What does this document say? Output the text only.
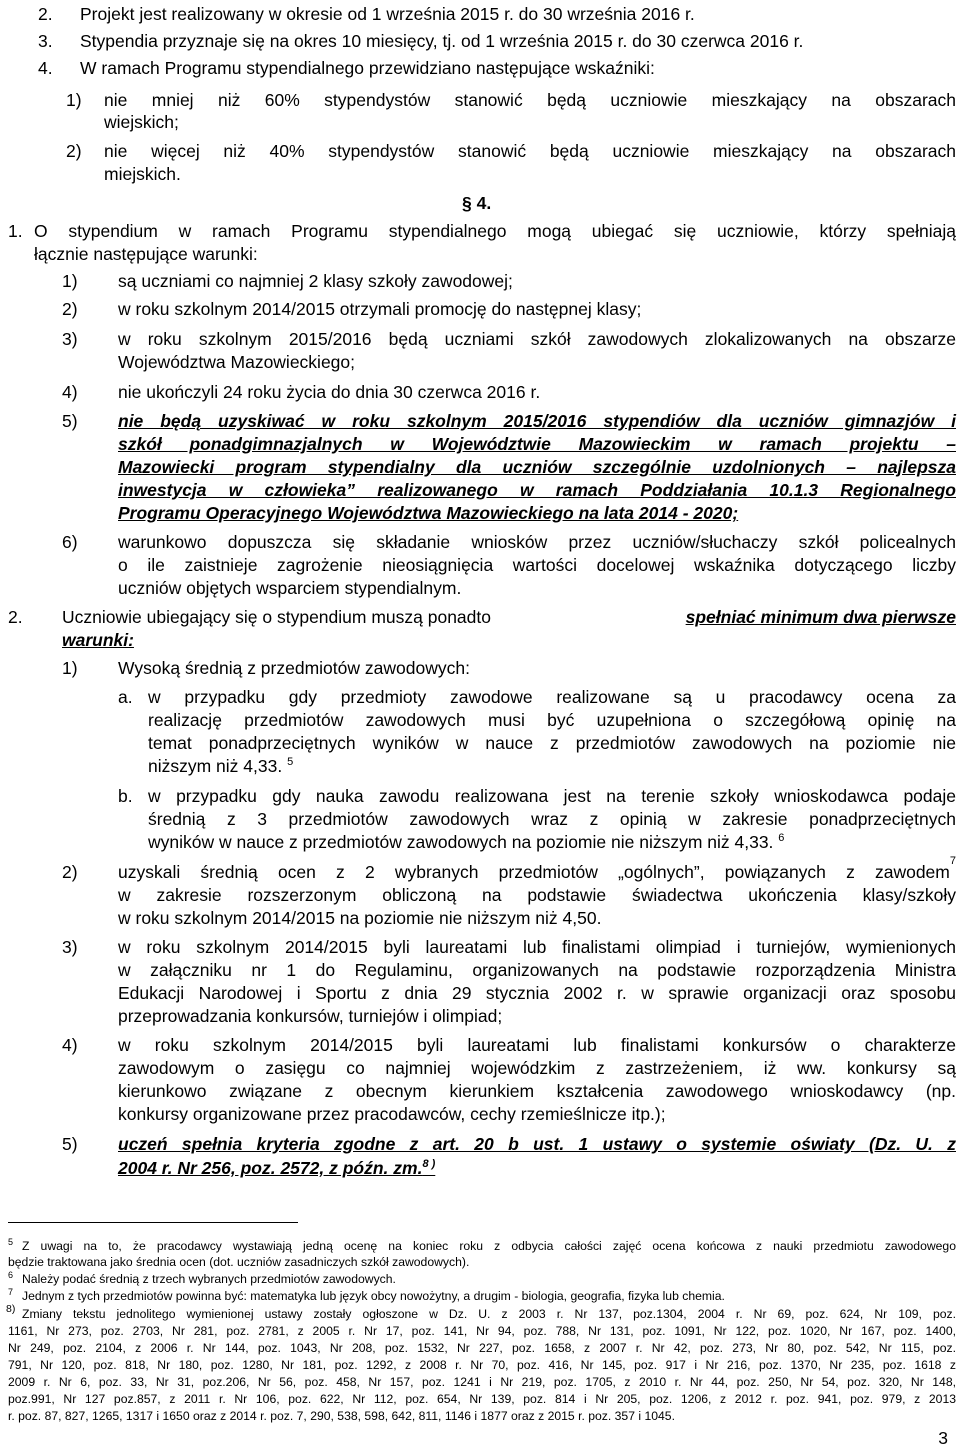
2. Projekt jest realizowany w okresie od 1 września 2015 r. do 30 września 2016 r.
3. Stypendia przyznaje się na okres 10 miesięcy, tj. od 1 września 2015 r. do 30 czerwca 2016 r.
4. W ramach Programu stypendialnego przewidziano następujące wskaźniki:
1) nie mniej niż 60% stypendystów stanowić będą uczniowie mieszkający na obszarach
wiejskich;
2) nie więcej niż 40% stypendystów stanowić będą uczniowie mieszkający na obszarach
miejskich.
§ 4.
1. O stypendium w ramach Programu stypendialnego mogą ubiegać się uczniowie, którzy spełniają
łącznie następujące warunki:
1) są uczniami co najmniej 2 klasy szkoły zawodowej;
2) w roku szkolnym 2014/2015 otrzymali promocję do następnej klasy;
3) w roku szkolnym 2015/2016 będą uczniami szkół zawodowych zlokalizowanych na obszarze
Województwa Mazowieckiego;
4) nie ukończyli 24 roku życia do dnia 30 czerwca 2016 r.
5) nie będą uzyskiwać w roku szkolnym 2015/2016 stypendiów dla uczniów gimnazjów i
szkół ponadgimnazjalnych w Województwie Mazowieckim w ramach projektu –
Mazowiecki program stypendialny dla uczniów szczególnie uzdolnionych – najlepsza
inwestycja w człowieka” realizowanego w ramach Poddziałania 10.1.3 Regionalnego
Programu Operacyjnego Województwa Mazowieckiego na lata 2014 - 2020;
6) warunkowo dopuszcza się składanie wniosków przez uczniów/słuchaczy szkół policealnych
o ile zaistnieje zagrożenie nieosiągnięcia wartości docelowej wskaźnika dotyczącego liczby
uczniów objętych wsparciem stypendialnym.
2. Uczniowie ubiegający się o stypendium muszą ponadto	spełniać minimum dwa pierwsze
warunki:
1) Wysoką średnią z przedmiotów zawodowych:
a. w przypadku gdy przedmioty zawodowe realizowane są u pracodawcy ocena za
realizację przedmiotów zawodowych musi być uzupełniona o szczegółową opinię na
temat ponadprzeciętnych wyników w nauce z przedmiotów zawodowych na poziomie nie
niższym niż 4,33. $^5$
b. w przypadku gdy nauka zawodu realizowana jest na terenie szkoły wnioskodawca podaje
średnią z 3 przedmiotów zawodowych wraz z opinią w zakresie ponadprzeciętnych
wyników w nauce z przedmiotów zawodowych na poziomie nie niższym niż 4,33. $^6$
2) uzyskali średnią ocen z 2 wybranych przedmiotów „ogólnych”, powiązanych z zawodem
7
w zakresie rozszerzonym obliczoną na podstawie świadectwa ukończenia klasy/szkoły
w roku szkolnym 2014/2015 na poziomie nie niższym niż 4,50.
3) w roku szkolnym 2014/2015 byli laureatami lub finalistami olimpiad i turniejów, wymienionych
w załączniku nr 1 do Regulaminu, organizowanych na podstawie rozporządzenia Ministra
Edukacji Narodowej i Sportu z dnia 29 stycznia 2002 r. w sprawie organizacji oraz sposobu
przeprowadzania konkursów, turniejów i olimpiad;
4) w roku szkolnym 2014/2015 byli laureatami lub finalistami konkursów o charakterze
zawodowym o zasięgu co najmniej wojewódzkim z zastrzeżeniem, iż ww. konkursy są
kierunkowo związane z obecnym kierunkiem kształcenia zawodowego wnioskodawcy (np.
konkursy organizowane przez pracodawców, cechy rzemieślnicze itp.);
5) uczeń spełnia kryteria zgodne z art. 20 b ust. 1 ustawy o systemie oświaty (Dz. U. z
2004 r. Nr 256, poz. 2572, z późn. zm.$^{8 )}$
5 Z uwagi na to, że pracodawcy wystawiają jedną ocenę na koniec roku z odbycia całości zajęć ocena końcowa z nauki przedmiotu zawodowego
będzie traktowana jako średnia ocen (dot. uczniów zasadniczych szkół zawodowych).
6 Należy podać średnią z trzech wybranych przedmiotów zawodowych.
7 Jednym z tych przedmiotów powinna być: matematyka lub język obcy nowożytny, a drugim - biologia, geografia, fizyka lub chemia.
8) Zmiany tekstu jednolitego wymienionej ustawy zostały ogłoszone w Dz. U. z 2003 r. Nr 137, poz.1304, 2004 r. Nr 69, poz. 624, Nr 109, poz.
1161, Nr 273, poz. 2703, Nr 281, poz. 2781, z 2005 r. Nr 17, poz. 141, Nr 94, poz. 788, Nr 131, poz. 1091, Nr 122, poz. 1020, Nr 167, poz. 1400,
Nr 249, poz. 2104, z 2006 r. Nr 144, poz. 1043, Nr 208, poz. 1532, Nr 227, poz. 1658, z 2007 r. Nr 42, poz. 273, Nr 80, poz. 542, Nr 115, poz.
791, Nr 120, poz. 818, Nr 180, poz. 1280, Nr 181, poz. 1292, z 2008 r. Nr 70, poz. 416, Nr 145, poz. 917 i Nr 216, poz. 1370, Nr 235, poz. 1618 z
2009 r. Nr 6, poz. 33, Nr 31, poz.206, Nr 56, poz. 458, Nr 157, poz. 1241 i Nr 219, poz. 1705, z 2010 r. Nr 44, poz. 250, Nr 54, poz. 320, Nr 148,
poz.991, Nr 127 poz.857, z 2011 r. Nr 106, poz. 622, Nr 112, poz. 654, Nr 139, poz. 814 i Nr 205, poz. 1206, z 2012 r. poz. 941, poz. 979, z 2013
r. poz. 87, 827, 1265, 1317 i 1650 oraz z 2014 r. poz. 7, 290, 538, 598, 642, 811, 1146 i 1877 oraz z 2015 r. poz. 357 i 1045.
3
